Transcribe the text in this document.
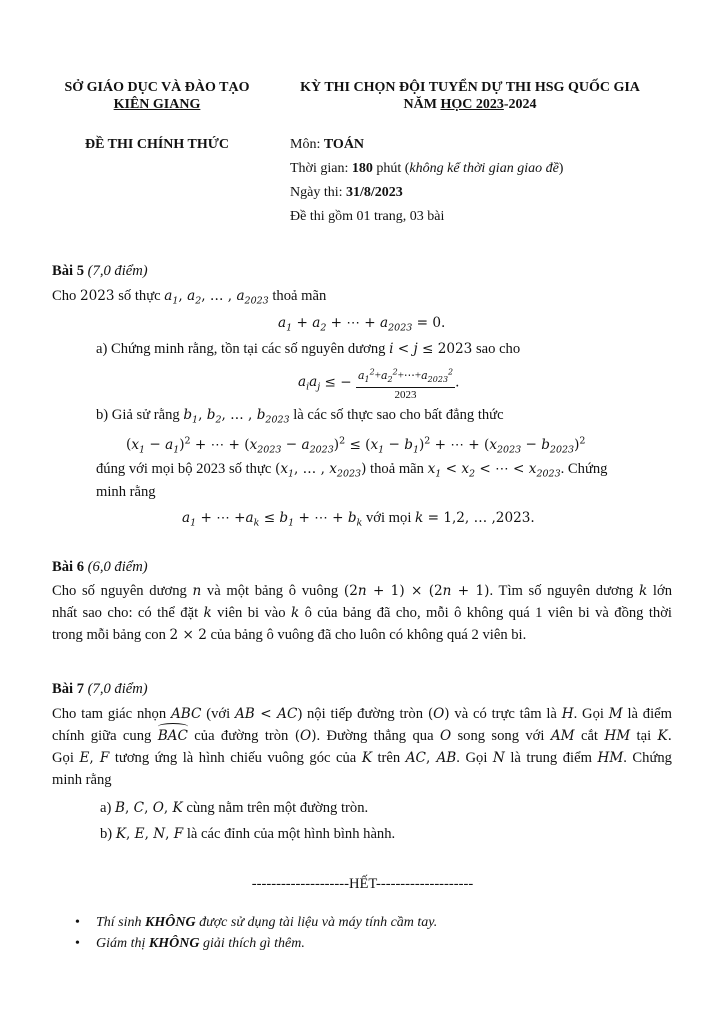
SỞ GIÁO DỤC VÀ ĐÀO TẠO
KIÊN GIANG
KỲ THI CHỌN ĐỘI TUYỂN DỰ THI HSG QUỐC GIA
NĂM HỌC 2023-2024
ĐỀ THI CHÍNH THỨC	Môn: TOÁN
Thời gian: 180 phút (không kể thời gian giao đề)
Ngày thi: 31/8/2023
Đề thi gồm 01 trang, 03 bài
Bài 5 (7,0 điểm)
Cho 2023 số thực $a_1$, $a_2$, … , $a_{2023}$ thoả mãn
$a_1 + a_2$ + ⋯ + $a_{2023} = 0$.
a) Chứng minh rằng, tồn tại các số nguyên dương i < j ≤ 2023 sao cho
$a_ia_j$ ≤ − $\frac{a_1^2+a_2^2+\cdots+a_{2023}^2}{2023}$ .
b) Giả sử rằng $b_1$, $b_2$, … , $b_{2023}$ là các số thực sao cho bất đẳng thức
$(x_1 - a_1)^2$ + ⋯ + $(x_{2023} - a_{2023})^2 \le (x_1 - b_1)^2$ + ⋯ + $(x_{2023} - b_{2023})^2$
đúng với mọi bộ 2023 số thực ($x_1$, … , $x_{2023}$) thoả mãn $x_1 < x_2$ < ⋯ < $x_{2023}$. Chứng
minh rằng
$a_1$ + ⋯ $+a_k \le b_1$ + ⋯ + $b_k$ với mọi k = 1,2, … ,2023.
Bài 6 (6,0 điểm)
Cho số nguyên dương n và một bảng ô vuông (2n + 1) × (2n + 1). Tìm số nguyên dương k lớn
nhất sao cho: có thể đặt k viên bi vào k ô của bảng đã cho, mỗi ô không quá 1 viên bi và đồng thời
trong mỗi bảng con 2 × 2 của bảng ô vuông đã cho luôn có không quá 2 viên bi.
Bài 7 (7,0 điểm)
Cho tam giác nhọn ABC (với AB < AC) nội tiếp đường tròn (O) và có trực tâm là H. Gọi M là điểm
chính giữa cung
BAC của đường tròn (O). Đường thẳng qua O song song với AM cắt HM tại K.
Gọi E, F tương ứng là hình chiếu vuông góc của K trên AC, AB. Gọi N là trung điểm HM. Chứng
minh rằng
a) B, C, O, K cùng nằm trên một đường tròn.
b) K, E, N, F là các đỉnh của một hình bình hành.
--------------------HẾT--------------------
• Thí sinh KHÔNG được sử dụng tài liệu và máy tính cầm tay.
• Giám thị KHÔNG giải thích gì thêm.
